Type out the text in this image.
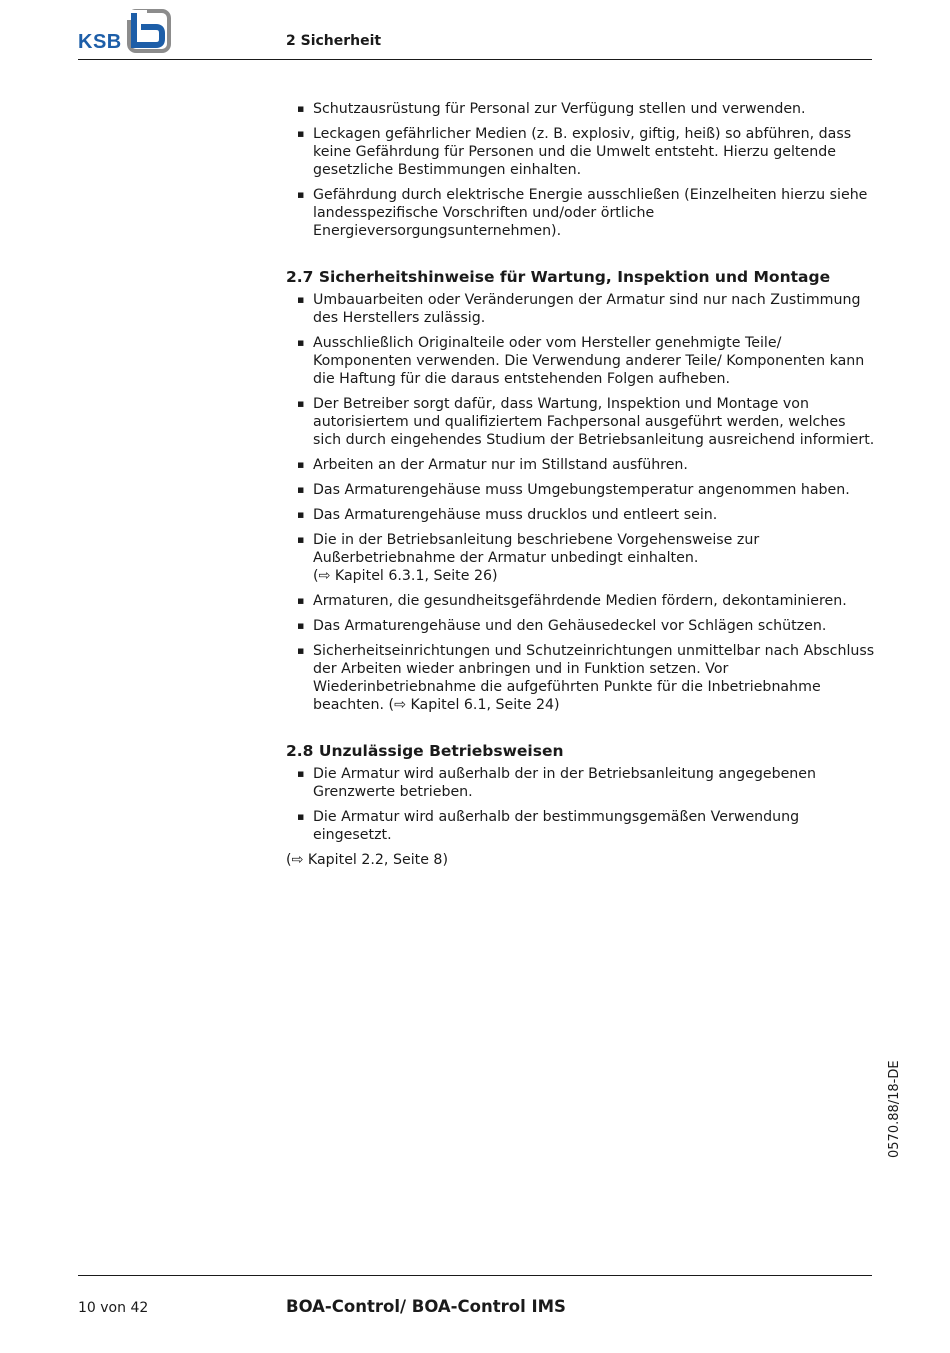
KSB	2 Sicherheit
▪ Schutzausrüstung für Personal zur Verfügung stellen und verwenden.
▪ Leckagen gefährlicher Medien (z. B. explosiv, giftig, heiß) so abführen, dass keine Gefährdung für Personen und die Umwelt entsteht. Hierzu geltende gesetzliche Bestimmungen einhalten.
▪ Gefährdung durch elektrische Energie ausschließen (Einzelheiten hierzu siehe landesspezifische Vorschriften und/oder örtliche Energieversorgungsunternehmen).
2.7 Sicherheitshinweise für Wartung, Inspektion und Montage
▪ Umbauarbeiten oder Veränderungen der Armatur sind nur nach Zustimmung des Herstellers zulässig.
▪ Ausschließlich Originalteile oder vom Hersteller genehmigte Teile/ Komponenten verwenden. Die Verwendung anderer Teile/ Komponenten kann die Haftung für die daraus entstehenden Folgen aufheben.
▪ Der Betreiber sorgt dafür, dass Wartung, Inspektion und Montage von autorisiertem und qualifiziertem Fachpersonal ausgeführt werden, welches sich durch eingehendes Studium der Betriebsanleitung ausreichend informiert.
▪ Arbeiten an der Armatur nur im Stillstand ausführen.
▪ Das Armaturengehäuse muss Umgebungstemperatur angenommen haben.
▪ Das Armaturengehäuse muss drucklos und entleert sein.
▪ Die in der Betriebsanleitung beschriebene Vorgehensweise zur Außerbetriebnahme der Armatur unbedingt einhalten.
(⇨ Kapitel 6.3.1, Seite 26)
▪ Armaturen, die gesundheitsgefährdende Medien fördern, dekontaminieren.
▪ Das Armaturengehäuse und den Gehäusedeckel vor Schlägen schützen.
▪ Sicherheitseinrichtungen und Schutzeinrichtungen unmittelbar nach Abschluss der Arbeiten wieder anbringen und in Funktion setzen. Vor Wiederinbetriebnahme die aufgeführten Punkte für die Inbetriebnahme beachten. (⇨ Kapitel 6.1, Seite 24)
2.8 Unzulässige Betriebsweisen
▪ Die Armatur wird außerhalb der in der Betriebsanleitung angegebenen Grenzwerte betrieben.
▪ Die Armatur wird außerhalb der bestimmungsgemäßen Verwendung eingesetzt.
(⇨ Kapitel 2.2, Seite 8)
0570.88/18-DE
10 von 42	BOA-Control/ BOA-Control IMS
